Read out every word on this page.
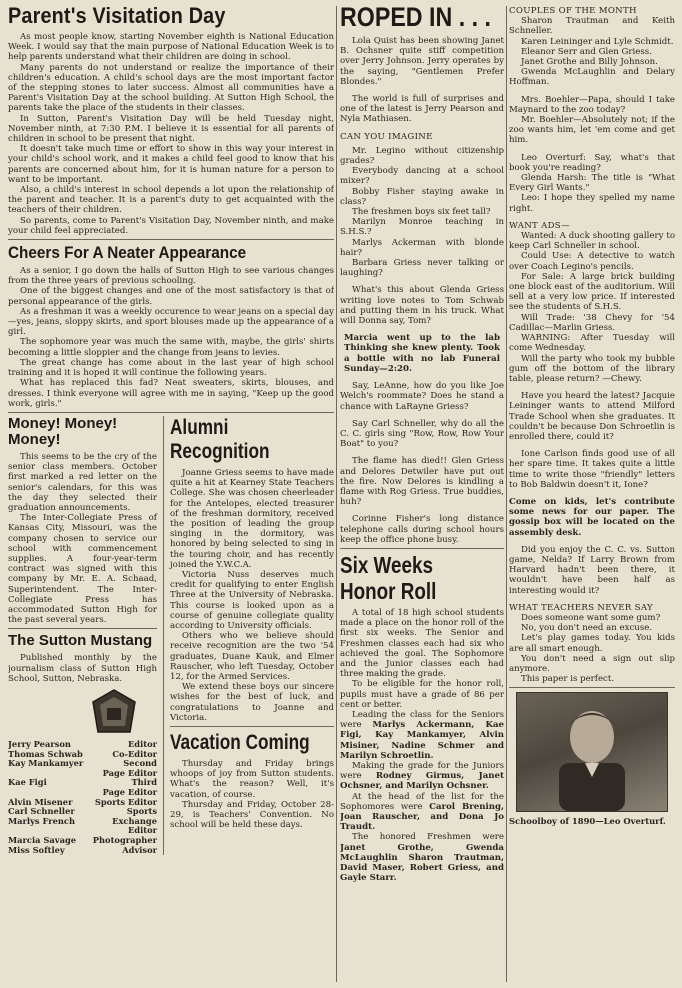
Parent's Visitation Day

As most people know, starting November eighth is National Education Week. I would say that the main purpose of National Education Week is to help parents understand what their children are doing in school.

Many parents do not understand or realize the importance of their children's education. A child's school days are the most important factor of the stepping stones to later success. Almost all communities have a Parent's Visitation Day at the school building. At Sutton High School, the parents take the place of the students in their classes.

In Sutton, Parent's Visitation Day will be held Tuesday night, November ninth, at 7:30 P.M. I believe it is essential for all parents of children in school to be present that night.

It doesn't take much time or effort to show in this way your interest in your child's school work, and it makes a child feel good to know that his parents are concerned about him, for it is human nature for a person to want to be important.

Also, a child's interest in school depends a lot upon the relationship of the parent and teacher. It is a parent's duty to get acquainted with the teachers of their children.

So parents, come to Parent's Visitation Day, November ninth, and make your child feel appreciated.

Cheers For A Neater Appearance

As a senior, I go down the halls of Sutton High to see various changes from the three years of previous schooling.

One of the biggest changes and one of the most satisfactory is that of personal appearance of the girls.

As a freshman it was a weekly occurence to wear jeans on a special day—yes, jeans, sloppy skirts, and sport blouses made up the appearance of a girl.

The sophomore year was much the same with, maybe, the girls' shirts becoming a little sloppier and the change from jeans to levies.

The great change has come about in the last year of high school training and it is hoped it will continue the following years.

What has replaced this fad? Neat sweaters, skirts, blouses, and dresses. I think everyone will agree with me in saying, "Keep up the good work, girls."

Money! Money! Money!

This seems to be the cry of the senior class members. October first marked a red letter on the senior's calendars, for this was the day they selected their graduation announcements.

The Inter-Collegiate Press of Kansas City, Missouri, was the company chosen to service our school with commencement supplies. A four-year-term contract was signed with this company by Mr. E. A. Schaad, Superintendent. The Inter-Collegiate Press has accommodated Sutton High for the past several years.

The Sutton Mustang

Published monthly by the journalism class of Sutton High School, Sutton, Nebraska.

Jerry Pearson	Editor
Thomas Schwab	Co-Editor
Kay Mankamyer	Second
Page Editor
Kae Figi	Third
Page Editor
Alvin Misener	Sports Editor
Carl Schneller	Sports
Marlys French	Exchange
Editor
Marcia Savage Photographer
Miss Softley	Advisor
Alumni
Recognition

Joanne Griess seems to have made quite a hit at Kearney State Teachers College. She was chosen cheerleader for the Antelopes, elected treasurer of the freshman dormitory, received the position of leading the group singing in the dormitory, was honored by being selected to sing in the touring choir, and has recently joined the Y.W.C.A.

Victoria Nuss deserves much credit for qualifying to enter English Three at the University of Nebraska. This course is looked upon as a course of genuine collegiate quality according to University officials.

Others who we believe should receive recognition are the two '54 graduates, Duane Kauk, and Elmer Rauscher, who left Tuesday, October 12, for the Armed Services.

We extend these boys our sincere wishes for the best of luck, and congratulations to Joanne and Victoria.

Vacation Coming

Thursday and Friday brings whoops of joy from Sutton students. What's the reason? Well, it's vacation, of course.

Thursday and Friday, October 28-29, is Teachers' Convention. No school will be held these days.

ROPED IN . . .

Lola Quist has been showing Janet B. Ochsner quite stiff competition over Jerry Johnson. Jerry operates by the saying, "Gentlemen Prefer Blondes."

The world is full of surprises and one of the latest is Jerry Pearson and Nyla Mathiasen.

CAN YOU IMAGINE

Mr. Legino without citizenship grades?

Everybody dancing at a school mixer?

Bobby Fisher staying awake in class?

The freshmen boys six feet tall?

Marilyn Monroe teaching in S.H.S.?

Marlys Ackerman with blonde hair?

Barbara Griess never talking or laughing?

What's this about Glenda Griess writing love notes to Tom Schwab and putting them in his truck. What will Donna say, Tom?

Marcia went up to the lab Thinking she knew plenty. Took a bottle with no lab Funeral Sunday—2:20.

Say, LeAnne, how do you like Joe Welch's roommate? Does he stand a chance with LaRayne Griess?

Say Carl Schneller, why do all the C. C. girls sing "Row, Row, Row Your Boat" to you?

The flame has died!! Glen Griess and Delores Detwiler have put out the fire. Now Delores is kindling a flame with Rog Griess. True buddies, huh?

Corinne Fisher's long distance telephone calls during school hours keep the office phone busy.

Six Weeks
Honor Roll

A total of 18 high school students made a place on the honor roll of the first six weeks. The Senior and Freshmen classes each had six who achieved the goal. The Sophomore and the Junior classes each had three making the grade.

To be eligible for the honor roll, pupils must have a grade of 86 per cent or better.

Leading the class for the Seniors were Marlys Ackermann, Kae Figi, Kay Mankamyer, Alvin Misiner, Nadine Schmer and Marilyn Schroetlin.

Making the grade for the Juniors were Rodney Girmus, Janet Ochsner, and Marilyn Ochsner.

At the head of the list for the Sophomores were Carol Brening, Joan Rauscher, and Dona Jo Traudt.

The honored Freshmen were Janet Grothe, Gwenda McLaughlin Sharon Trautman, David Maser, Robert Griess, and Gayle Starr.

COUPLES OF THE MONTH

Sharon Trautman and Keith Schneller.

Karen Leininger and Lyle Schmidt.

Eleanor Serr and Glen Griess.

Janet Grothe and Billy Johnson.

Gwenda McLaughlin and Delary Hoffman.

Mrs. Boehler—Papa, should I take Maynard to the zoo today?

Mr. Boehler—Absolutely not; if the zoo wants him, let 'em come and get him.

Leo Overturf: Say, what's that book you're reading?

Glenda Harsh: The title is "What Every Girl Wants."

Leo: I hope they spelled my name right.

WANT ADS—

Wanted: A duck shooting gallery to keep Carl Schneller in school.

Could Use: A detective to watch over Coach Legino's pencils.

For Sale: A large brick building one block east of the auditorium. Will sell at a very low price. If interested see the students of S.H.S.

Will Trade: '38 Chevy for '54 Cadillac—Marlin Griess.

WARNING: After Tuesday will come Wednesday.

Will the party who took my bubble gum off the bottom of the library table, please return? —Chewy.

Have you heard the latest? Jacquie Leininger wants to attend Milford Trade School when she graduates. It couldn't be because Don Schroetlin is enrolled there, could it?

Ione Carlson finds good use of all her spare time. It takes quite a little time to write those "friendly" letters to Bob Baldwin doesn't it, Ione?

Come on kids, let's contribute some news for our paper. The gossip box will be located on the assembly desk.

Did you enjoy the C. C. vs. Sutton game, Nelda? If Larry Brown from Harvard hadn't been there, it wouldn't have been half as interesting would it?

WHAT TEACHERS NEVER SAY

Does someone want some gum?

No, you don't need an excuse.

Let's play games today. You kids are all smart enough.

You don't need a sign out slip anymore.

This paper is perfect.

Schoolboy of 1890—Leo Overturf.
